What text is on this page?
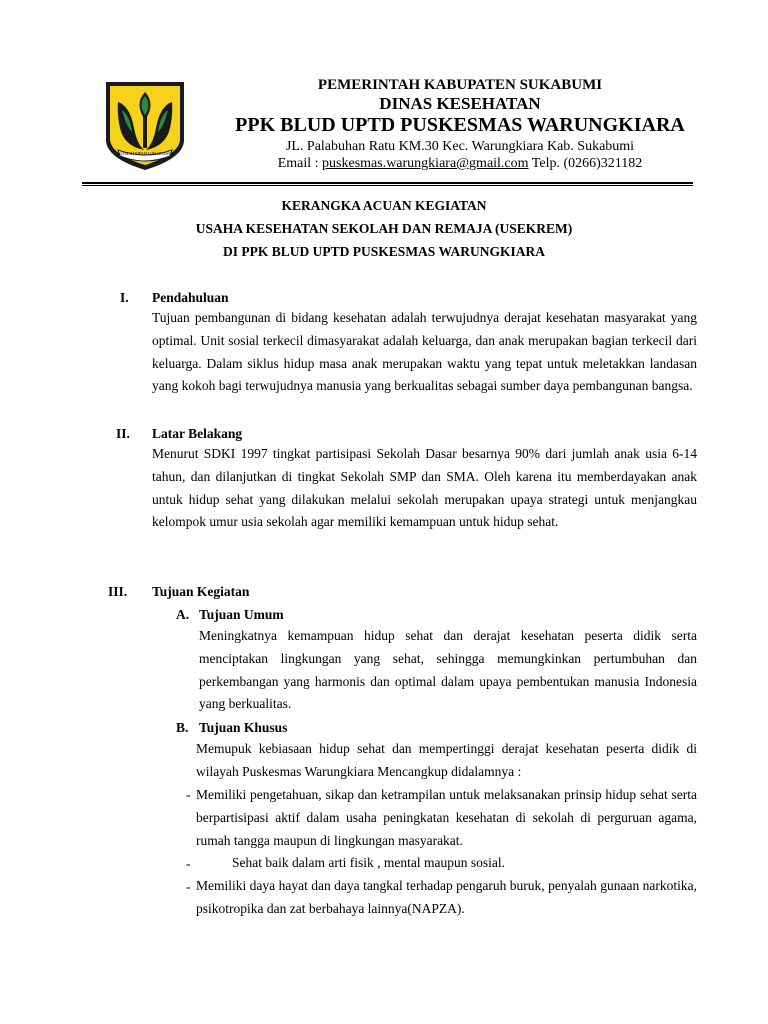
GEMAH RIPAH LOH JINAWI
PEMERINTAH KABUPATEN SUKABUMI
DINAS KESEHATAN
PPK BLUD UPTD PUSKESMAS WARUNGKIARA
JL. Palabuhan Ratu KM.30 Kec. Warungkiara Kab. Sukabumi
Email : puskesmas.warungkiara@gmail.com Telp. (0266)321182
KERANGKA ACUAN KEGIATAN
USAHA KESEHATAN SEKOLAH DAN REMAJA (USEKREM)
DI PPK BLUD UPTD PUSKESMAS WARUNGKIARA
I. Pendahuluan
Tujuan pembangunan di bidang kesehatan adalah terwujudnya derajat kesehatan masyarakat yang optimal. Unit sosial terkecil dimasyarakat adalah keluarga, dan anak merupakan bagian terkecil dari keluarga. Dalam siklus hidup masa anak merupakan waktu yang tepat untuk meletakkan landasan yang kokoh bagi terwujudnya manusia yang berkualitas sebagai sumber daya pembangunan bangsa.
II. Latar Belakang
Menurut SDKI 1997 tingkat partisipasi Sekolah Dasar besarnya 90% dari jumlah anak usia 6-14 tahun, dan dilanjutkan di tingkat Sekolah SMP dan SMA. Oleh karena itu memberdayakan anak untuk hidup sehat yang dilakukan melalui sekolah merupakan upaya strategi untuk menjangkau kelompok umur usia sekolah agar memiliki kemampuan untuk hidup sehat.
III. Tujuan Kegiatan
A. Tujuan Umum
Meningkatnya kemampuan hidup sehat dan derajat kesehatan peserta didik serta menciptakan lingkungan yang sehat, sehingga memungkinkan pertumbuhan dan perkembangan yang harmonis dan optimal dalam upaya pembentukan manusia Indonesia yang berkualitas.
B. Tujuan Khusus
Memupuk kebiasaan hidup sehat dan mempertinggi derajat kesehatan peserta didik di wilayah Puskesmas Warungkiara Mencangkup didalamnya :
- Memiliki pengetahuan, sikap dan ketrampilan untuk melaksanakan prinsip hidup sehat serta berpartisipasi aktif dalam usaha peningkatan kesehatan di sekolah di perguruan agama, rumah tangga maupun di lingkungan masyarakat.
-	Sehat baik dalam arti fisik , mental maupun sosial.
- Memiliki daya hayat dan daya tangkal terhadap pengaruh buruk, penyalah gunaan narkotika, psikotropika dan zat berbahaya lainnya(NAPZA).
